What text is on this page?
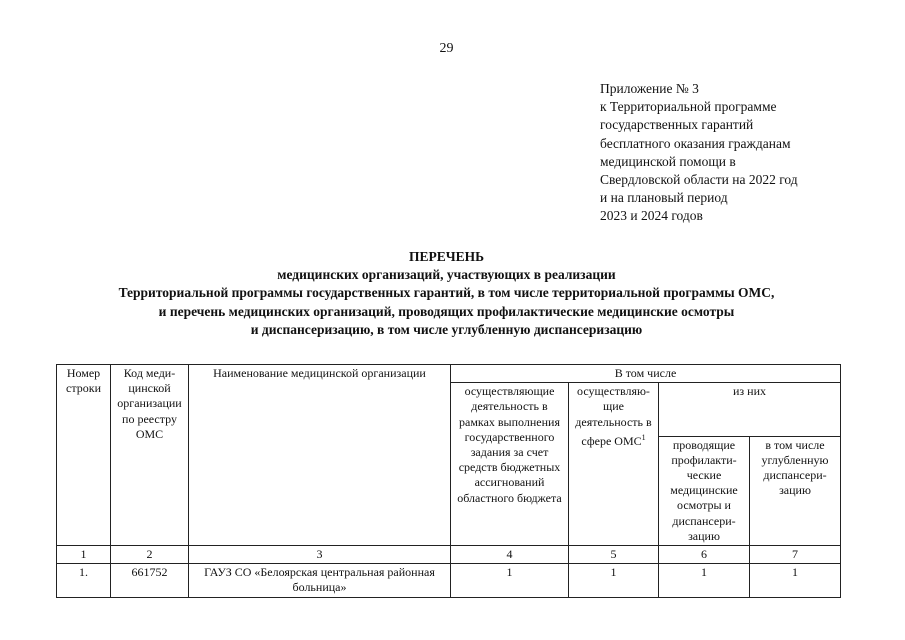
29
Приложение № 3
к Территориальной программе
государственных гарантий
бесплатного оказания гражданам
медицинской помощи в
Свердловской области на 2022 год
и на плановый период
2023 и 2024 годов
ПЕРЕЧЕНЬ
медицинских организаций, участвующих в реализации
Территориальной программы государственных гарантий, в том числе территориальной программы ОМС,
и перечень медицинских организаций, проводящих профилактические медицинские осмотры
и диспансеризацию, в том числе углубленную диспансеризацию
Номер строки	Код меди-цинской организации по реестру ОМС	Наименование медицинской организации	В том числе			
			осуществляющие деятельность в рамках выполнения государственного задания за счет средств бюджетных ассигнований областного бюджета	осуществляю-щие деятельность в сфере ОМС$^1$	из них	
					проводящие профилакти-ческие медицинские осмотры и диспансери-зацию	в том числе углубленную диспансери-зацию
1	2	3	4	5	6	7
1.	661752	ГАУЗ СО «Белоярская центральная районная больница»	1	1	1	1
